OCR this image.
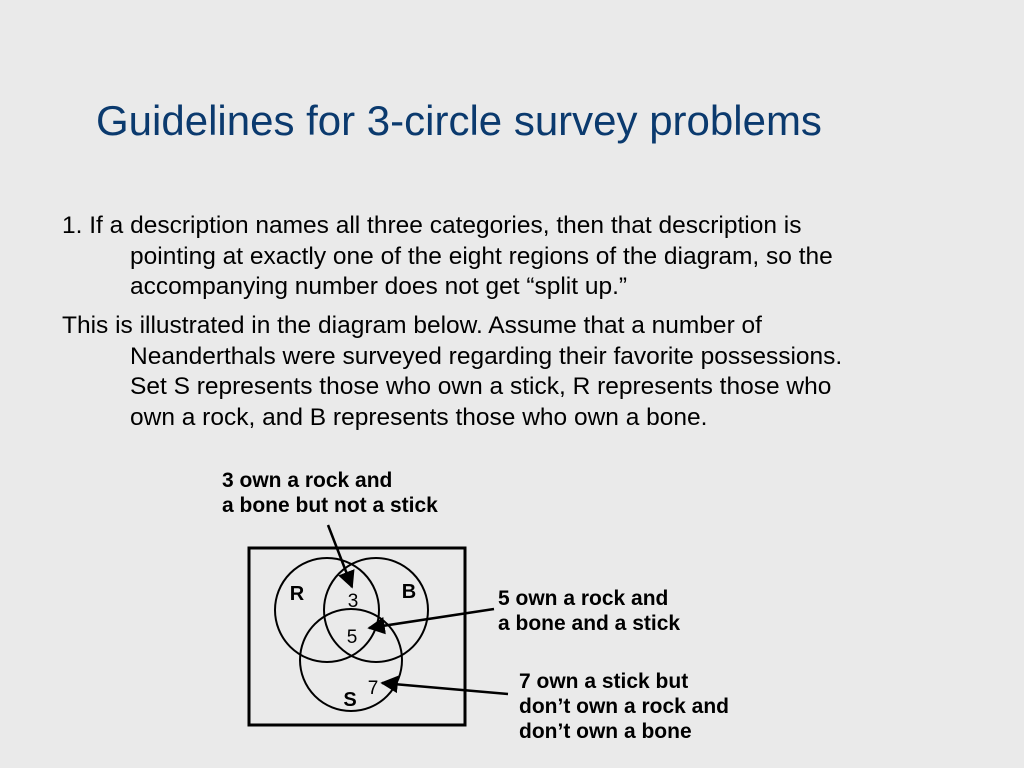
Guidelines for 3-circle survey problems
1. If a description names all three categories, then that description is
pointing at exactly one of the eight regions of the diagram, so the
accompanying number does not get “split up.”
This is illustrated in the diagram below. Assume that a number of
Neanderthals were surveyed regarding their favorite possessions.
Set S represents those who own a stick, R represents those who
own a rock, and B represents those who own a bone.
3 own a rock and
a bone but not a stick
5 own a rock and
a bone and a stick
7 own a stick but
don’t own a rock and
don’t own a bone
R	B
S
3
5
7
